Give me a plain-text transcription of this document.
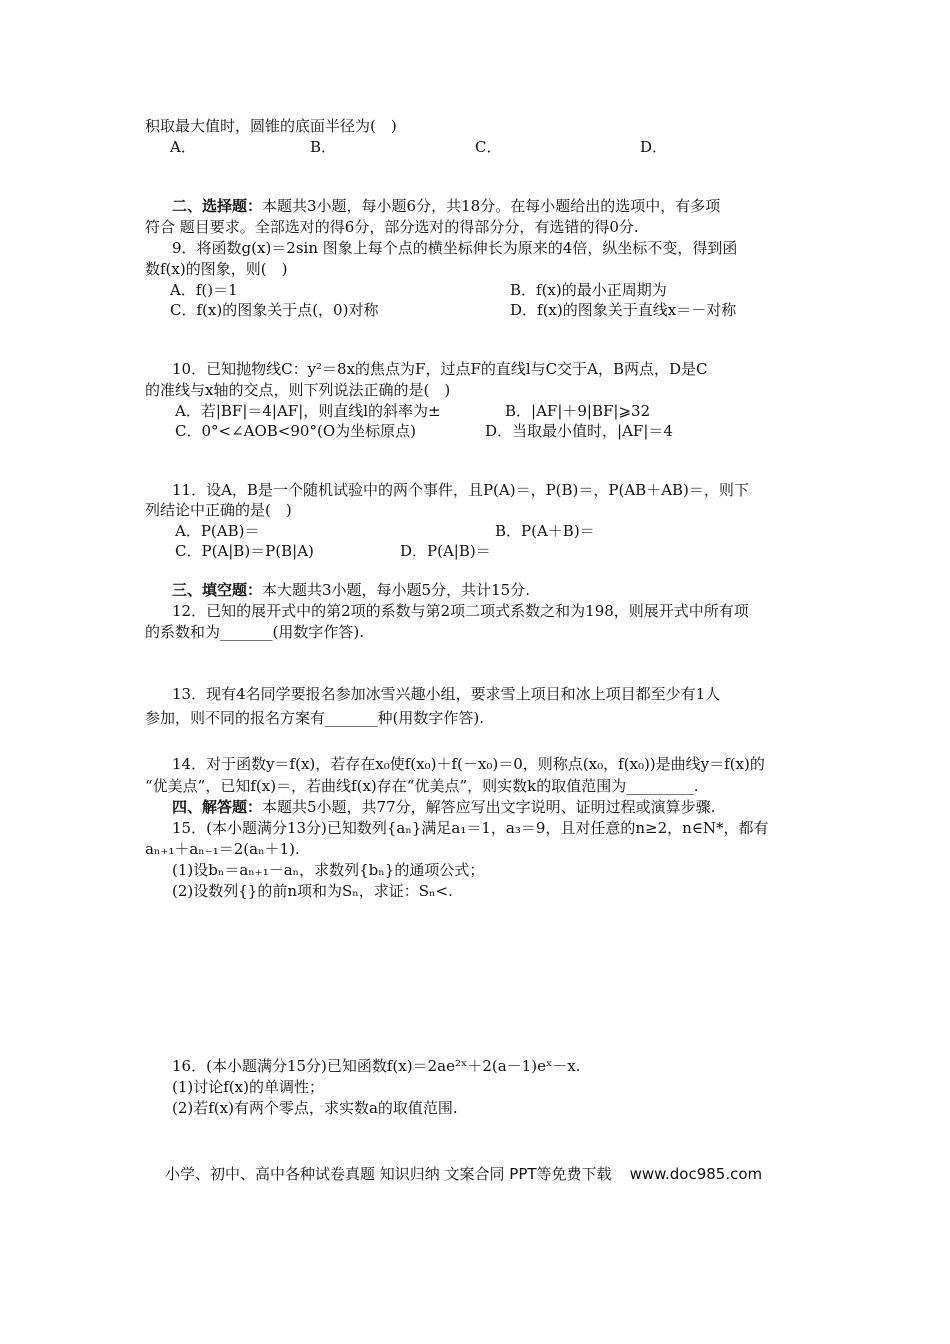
积取最大值时，圆锥的底面半径为(　)
A．	B．	C．	D．
二、选择题：本题共3小题，每小题6分，共18分。在每小题给出的选项中，有多项
符合 题目要求。全部选对的得6分，部分选对的得部分分，有选错的得0分.
9．将函数g(x)＝2sin 图象上每个点的横坐标伸长为原来的4倍，纵坐标不变，得到函
数f(x)的图象，则(　)
A．f()＝1	B．f(x)的最小正周期为
C．f(x)的图象关于点(，0)对称	D．f(x)的图象关于直线x＝－对称
10．已知抛物线C：y²＝8x的焦点为F，过点F的直线l与C交于A，B两点，D是C
的准线与x轴的交点，则下列说法正确的是(　)
A．若|BF|＝4|AF|，则直线l的斜率为±	B．|AF|＋9|BF|⩾32
C．0°<∠AOB<90°(O为坐标原点)	D．当取最小值时，|AF|＝4
11．设A，B是一个随机试验中的两个事件，且P(A)＝，P(B)＝，P(AB＋AB)＝，则下
列结论中正确的是(　)
A．P(AB)＝	B．P(A＋B)＝
C．P(A|B)＝P(B|A)	D．P(A|B)＝
三、填空题：本大题共3小题，每小题5分，共计15分.
12．已知的展开式中的第2项的系数与第2项二项式系数之和为198，则展开式中所有项
的系数和为_______(用数字作答).
13．现有4名同学要报名参加冰雪兴趣小组，要求雪上项目和冰上项目都至少有1人
参加，则不同的报名方案有_______种(用数字作答).
14．对于函数y＝f(x)，若存在x₀使f(x₀)＋f(－x₀)＝0，则称点(x₀，f(x₀))是曲线y＝f(x)的
“优美点”，已知f(x)＝，若曲线f(x)存在“优美点”，则实数k的取值范围为_________.
四、解答题：本题共5小题，共77分，解答应写出文字说明、证明过程或演算步骤.
15．(本小题满分13分)已知数列{aₙ}满足a₁＝1，a₃＝9，且对任意的n≥2，n∈N*，都有
aₙ₊₁＋aₙ₋₁＝2(aₙ＋1).
(1)设bₙ＝aₙ₊₁－aₙ，求数列{bₙ}的通项公式；
(2)设数列{}的前n项和为Sₙ，求证：Sₙ<.
16．(本小题满分15分)已知函数f(x)＝2ae²ˣ＋2(a－1)eˣ－x.
(1)讨论f(x)的单调性；
(2)若f(x)有两个零点，求实数a的取值范围.
小学、初中、高中各种试卷真题 知识归纳 文案合同 PPT等免费下载 www.doc985.com
